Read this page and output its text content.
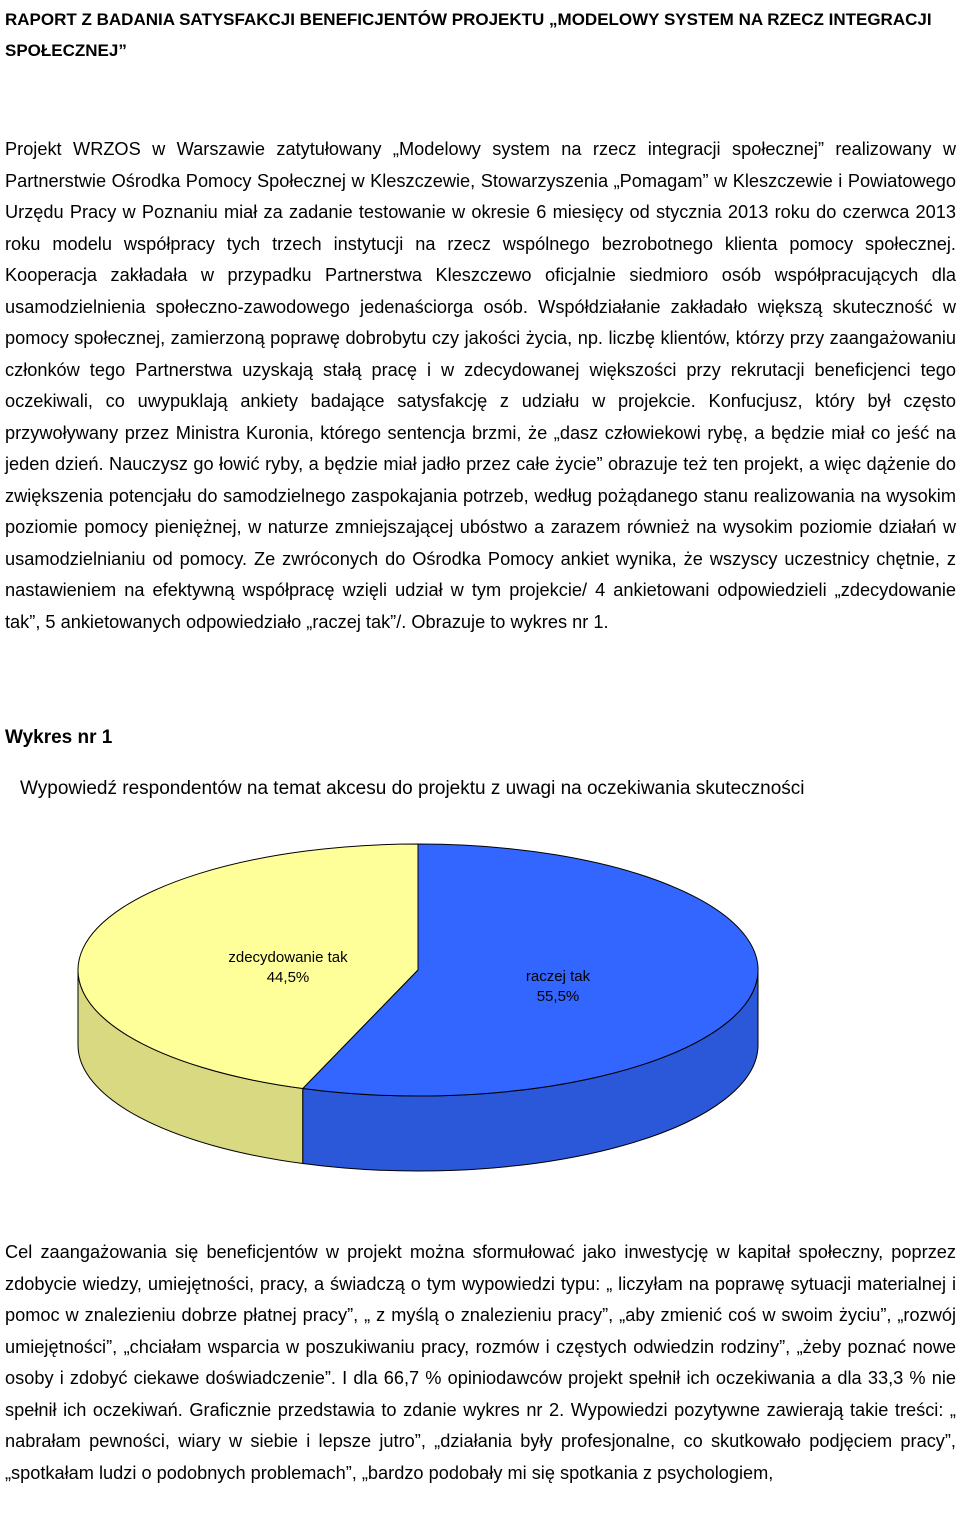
RAPORT Z BADANIA SATYSFAKCJI BENEFICJENTÓW PROJEKTU „MODELOWY SYSTEM NA RZECZ INTEGRACJI SPOŁECZNEJ”

Projekt WRZOS w Warszawie zatytułowany „Modelowy system na rzecz integracji społecznej” realizowany w Partnerstwie Ośrodka Pomocy Społecznej w Kleszczewie, Stowarzyszenia „Pomagam” w Kleszczewie i Powiatowego Urzędu Pracy w Poznaniu miał za zadanie testowanie w okresie 6 miesięcy od stycznia 2013 roku do czerwca 2013 roku modelu współpracy tych trzech instytucji na rzecz wspólnego bezrobotnego klienta pomocy społecznej. Kooperacja zakładała w przypadku Partnerstwa Kleszczewo oficjalnie siedmioro osób współpracujących dla usamodzielnienia społeczno-zawodowego jedenaściorga osób. Współdziałanie zakładało większą skuteczność w pomocy społecznej, zamierzoną poprawę dobrobytu czy jakości życia, np. liczbę klientów, którzy przy zaangażowaniu członków tego Partnerstwa uzyskają stałą pracę i w zdecydowanej większości przy rekrutacji beneficjenci tego oczekiwali, co uwypuklają ankiety badające satysfakcję z udziału w projekcie. Konfucjusz, który był często przywoływany przez Ministra Kuronia, którego sentencja brzmi, że „dasz człowiekowi rybę, a będzie miał co jeść na jeden dzień. Nauczysz go łowić ryby, a będzie miał jadło przez całe życie” obrazuje też ten projekt, a więc dążenie do zwiększenia potencjału do samodzielnego zaspokajania potrzeb, według pożądanego stanu realizowania na wysokim poziomie pomocy pieniężnej, w naturze zmniejszającej ubóstwo a zarazem również na wysokim poziomie działań w usamodzielnianiu od pomocy. Ze zwróconych do Ośrodka Pomocy ankiet wynika, że wszyscy uczestnicy chętnie, z nastawieniem na efektywną współpracę wzięli udział w tym projekcie/ 4 ankietowani odpowiedzieli „zdecydowanie tak”, 5 ankietowanych odpowiedziało „raczej tak”/. Obrazuje to wykres nr 1.

Wykres nr 1

Wypowiedź respondentów na temat akcesu do projektu z uwagi na oczekiwania skuteczności

zdecydowanie tak
44,5%	raczej tak
55,5%

Cel zaangażowania się beneficjentów w projekt można sformułować jako inwestycję w kapitał społeczny, poprzez zdobycie wiedzy, umiejętności, pracy, a świadczą o tym wypowiedzi typu: „ liczyłam na poprawę sytuacji materialnej i pomoc w znalezieniu dobrze płatnej pracy”, „ z myślą o znalezieniu pracy”, „aby zmienić coś w swoim życiu”, „rozwój umiejętności”, „chciałam wsparcia w poszukiwaniu pracy, rozmów i częstych odwiedzin rodziny”, „żeby poznać nowe osoby i zdobyć ciekawe doświadczenie”. I dla 66,7 % opiniodawców projekt spełnił ich oczekiwania a dla 33,3 % nie spełnił ich oczekiwań. Graficznie przedstawia to zdanie wykres nr 2. Wypowiedzi pozytywne zawierają takie treści: „ nabrałam pewności, wiary w siebie i lepsze jutro”, „działania były profesjonalne, co skutkowało podjęciem pracy”, „spotkałam ludzi o podobnych problemach”, „bardzo podobały mi się spotkania z psychologiem,
